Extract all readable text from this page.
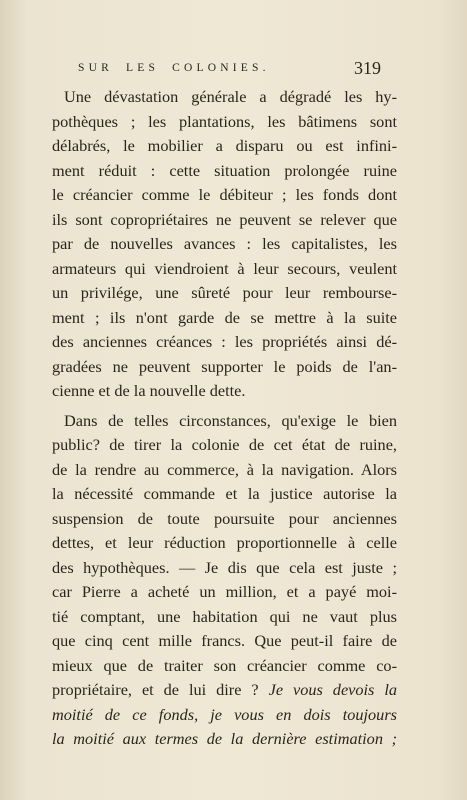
SUR LES COLONIES.	319
Une dévastation générale a dégradé les hy-
pothèques ; les plantations, les bâtimens sont
délabrés, le mobilier a disparu ou est infini-
ment réduit : cette situation prolongée ruine
le créancier comme le débiteur ; les fonds dont
ils sont copropriétaires ne peuvent se relever que
par de nouvelles avances : les capitalistes, les
armateurs qui viendroient à leur secours, veulent
un privilége, une sûreté pour leur rembourse-
ment ; ils n'ont garde de se mettre à la suite
des anciennes créances : les propriétés ainsi dé-
gradées ne peuvent supporter le poids de l'an-
cienne et de la nouvelle dette.
Dans de telles circonstances, qu'exige le bien
public? de tirer la colonie de cet état de ruine,
de la rendre au commerce, à la navigation. Alors
la nécessité commande et la justice autorise la
suspension de toute poursuite pour anciennes
dettes, et leur réduction proportionnelle à celle
des hypothèques. — Je dis que cela est juste ;
car Pierre a acheté un million, et a payé moi-
tié comptant, une habitation qui ne vaut plus
que cinq cent mille francs. Que peut-il faire de
mieux que de traiter son créancier comme co-
propriétaire, et de lui dire ? Je vous devois la
moitié de ce fonds, je vous en dois toujours
la moitié aux termes de la dernière estimation ;
